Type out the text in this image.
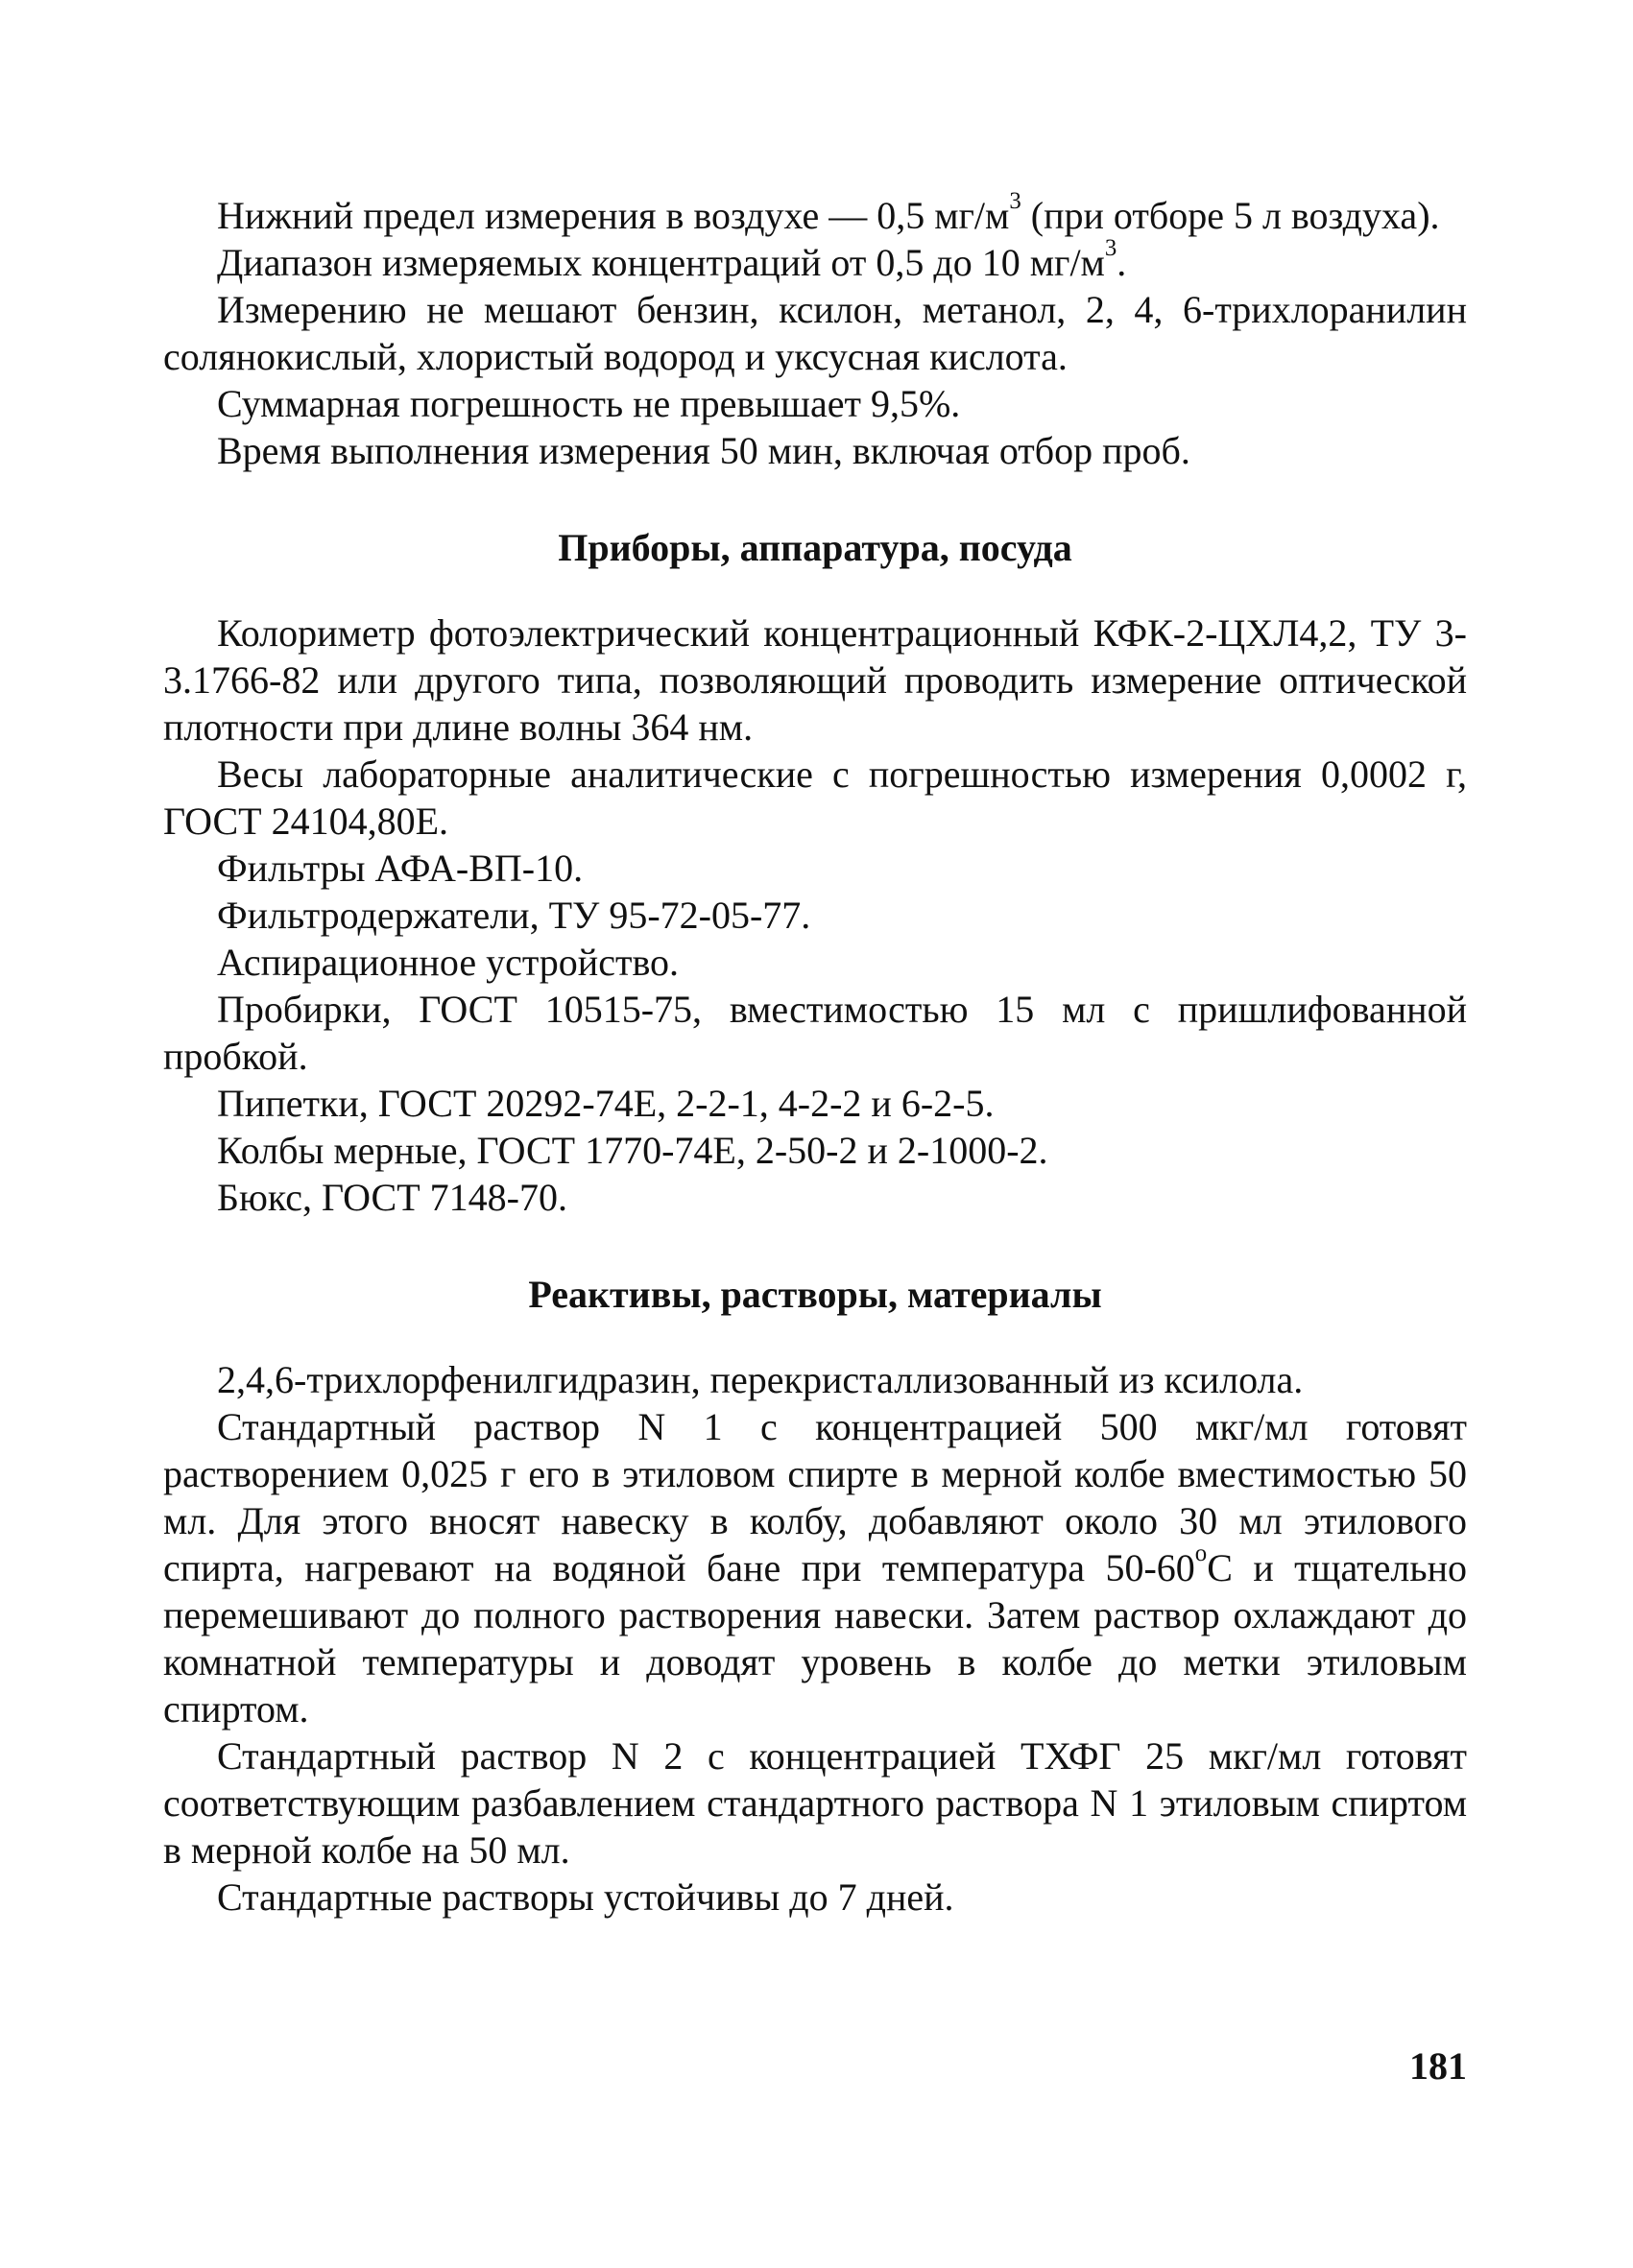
Нижний предел измерения в воздухе — 0,5 $мг/м^3$ (при отборе 5 л воздуха).

Диапазон измеряемых концентраций от 0,5 до 10 $мг/м^3$.

Измерению не мешают бензин, ксилон, метанол, 2, 4, 6-трихлоранилин солянокислый, хлористый водород и уксусная кислота.

Суммарная погрешность не превышает 9,5%.

Время выполнения измерения 50 мин, включая отбор проб.

Приборы, аппаратура, посуда

Колориметр фотоэлектрический концентрационный КФК-2-ЦХЛ4,2, ТУ 3-3.1766-82 или другого типа, позволяющий проводить измерение оптической плотности при длине волны 364 нм.

Весы лабораторные аналитические с погрешностью измерения 0,0002 г, ГОСТ 24104,80Е.

Фильтры АФА-ВП-10.

Фильтродержатели, ТУ 95-72-05-77.

Аспирационное устройство.

Пробирки, ГОСТ 10515-75, вместимостью 15 мл с пришлифованной пробкой.

Пипетки, ГОСТ 20292-74Е, 2-2-1, 4-2-2 и 6-2-5.

Колбы мерные, ГОСТ 1770-74Е, 2-50-2 и 2-1000-2.

Бюкс, ГОСТ 7148-70.

Реактивы, растворы, материалы

2,4,6-трихлорфенилгидразин, перекристаллизованный из ксилола.

Стандартный раствор N 1 с концентрацией 500 мкг/мл готовят растворением 0,025 г его в этиловом спирте в мерной колбе вместимостью 50 мл. Для этого вносят навеску в колбу, добавляют около 30 мл этилового спирта, нагревают на водяной бане при температура $50-60^оС$ и тщательно перемешивают до полного растворения навески. Затем раствор охлаждают до комнатной температуры и доводят уровень в колбе до метки этиловым спиртом.

Стандартный раствор N 2 с концентрацией ТХФГ 25 мкг/мл готовят соответствующим разбавлением стандартного раствора N 1 этиловым спиртом в мерной колбе на 50 мл.

Стандартные растворы устойчивы до 7 дней.

181
